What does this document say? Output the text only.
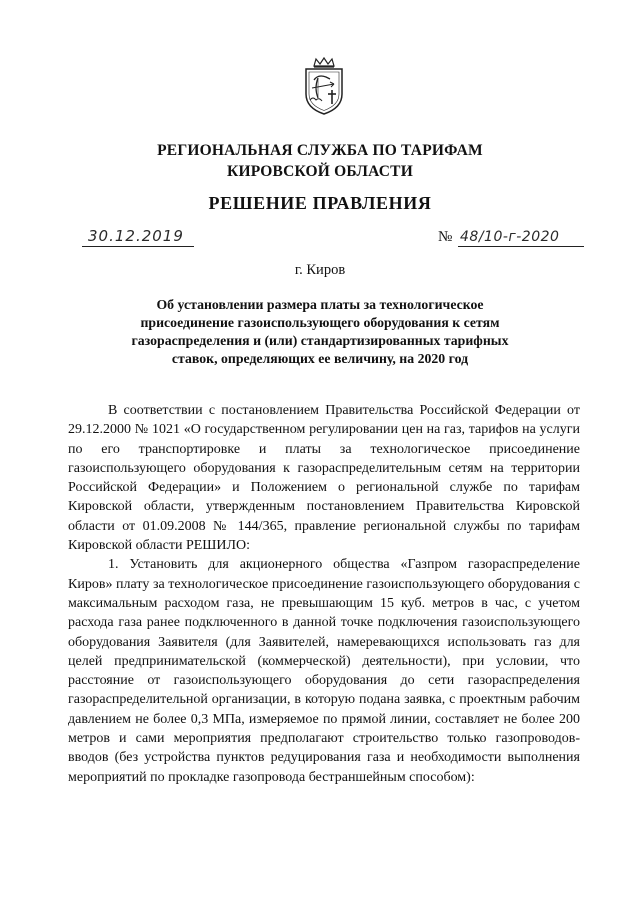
РЕГИОНАЛЬНАЯ СЛУЖБА ПО ТАРИФАМ
КИРОВСКОЙ ОБЛАСТИ
РЕШЕНИЕ ПРАВЛЕНИЯ
30.12.2019	№ 48/10-г-2020
г. Киров
Об установлении размера платы за технологическое
присоединение газоиспользующего оборудования к сетям
газораспределения и (или) стандартизированных тарифных
ставок, определяющих ее величину, на 2020 год

В соответствии с постановлением Правительства Российской Федерации от 29.12.2000 № 1021 «О государственном регулировании цен на газ, тарифов на услуги по его транспортировке и платы за технологическое присоединение газоиспользующего оборудования к газораспределительным сетям на территории Российской Федерации» и Положением о региональной службе по тарифам Кировской области, утвержденным постановлением Правительства Кировской области от 01.09.2008 № 144/365, правление региональной службы по тарифам Кировской области РЕШИЛО:

1. Установить для акционерного общества «Газпром газораспределение Киров» плату за технологическое присоединение газоиспользующего оборудования с максимальным расходом газа, не превышающим 15 куб. метров в час, с учетом расхода газа ранее подключенного в данной точке подключения газоиспользующего оборудования Заявителя (для Заявителей, намеревающихся использовать газ для целей предпринимательской (коммерческой) деятельности), при условии, что расстояние от газоиспользующего оборудования до сети газораспределения газораспределительной организации, в которую подана заявка, с проектным рабочим давлением не более 0,3 МПа, измеряемое по прямой линии, составляет не более 200 метров и сами мероприятия предполагают строительство только газопроводов-вводов (без устройства пунктов редуцирования газа и необходимости выполнения мероприятий по прокладке газопровода бестраншейным способом):
